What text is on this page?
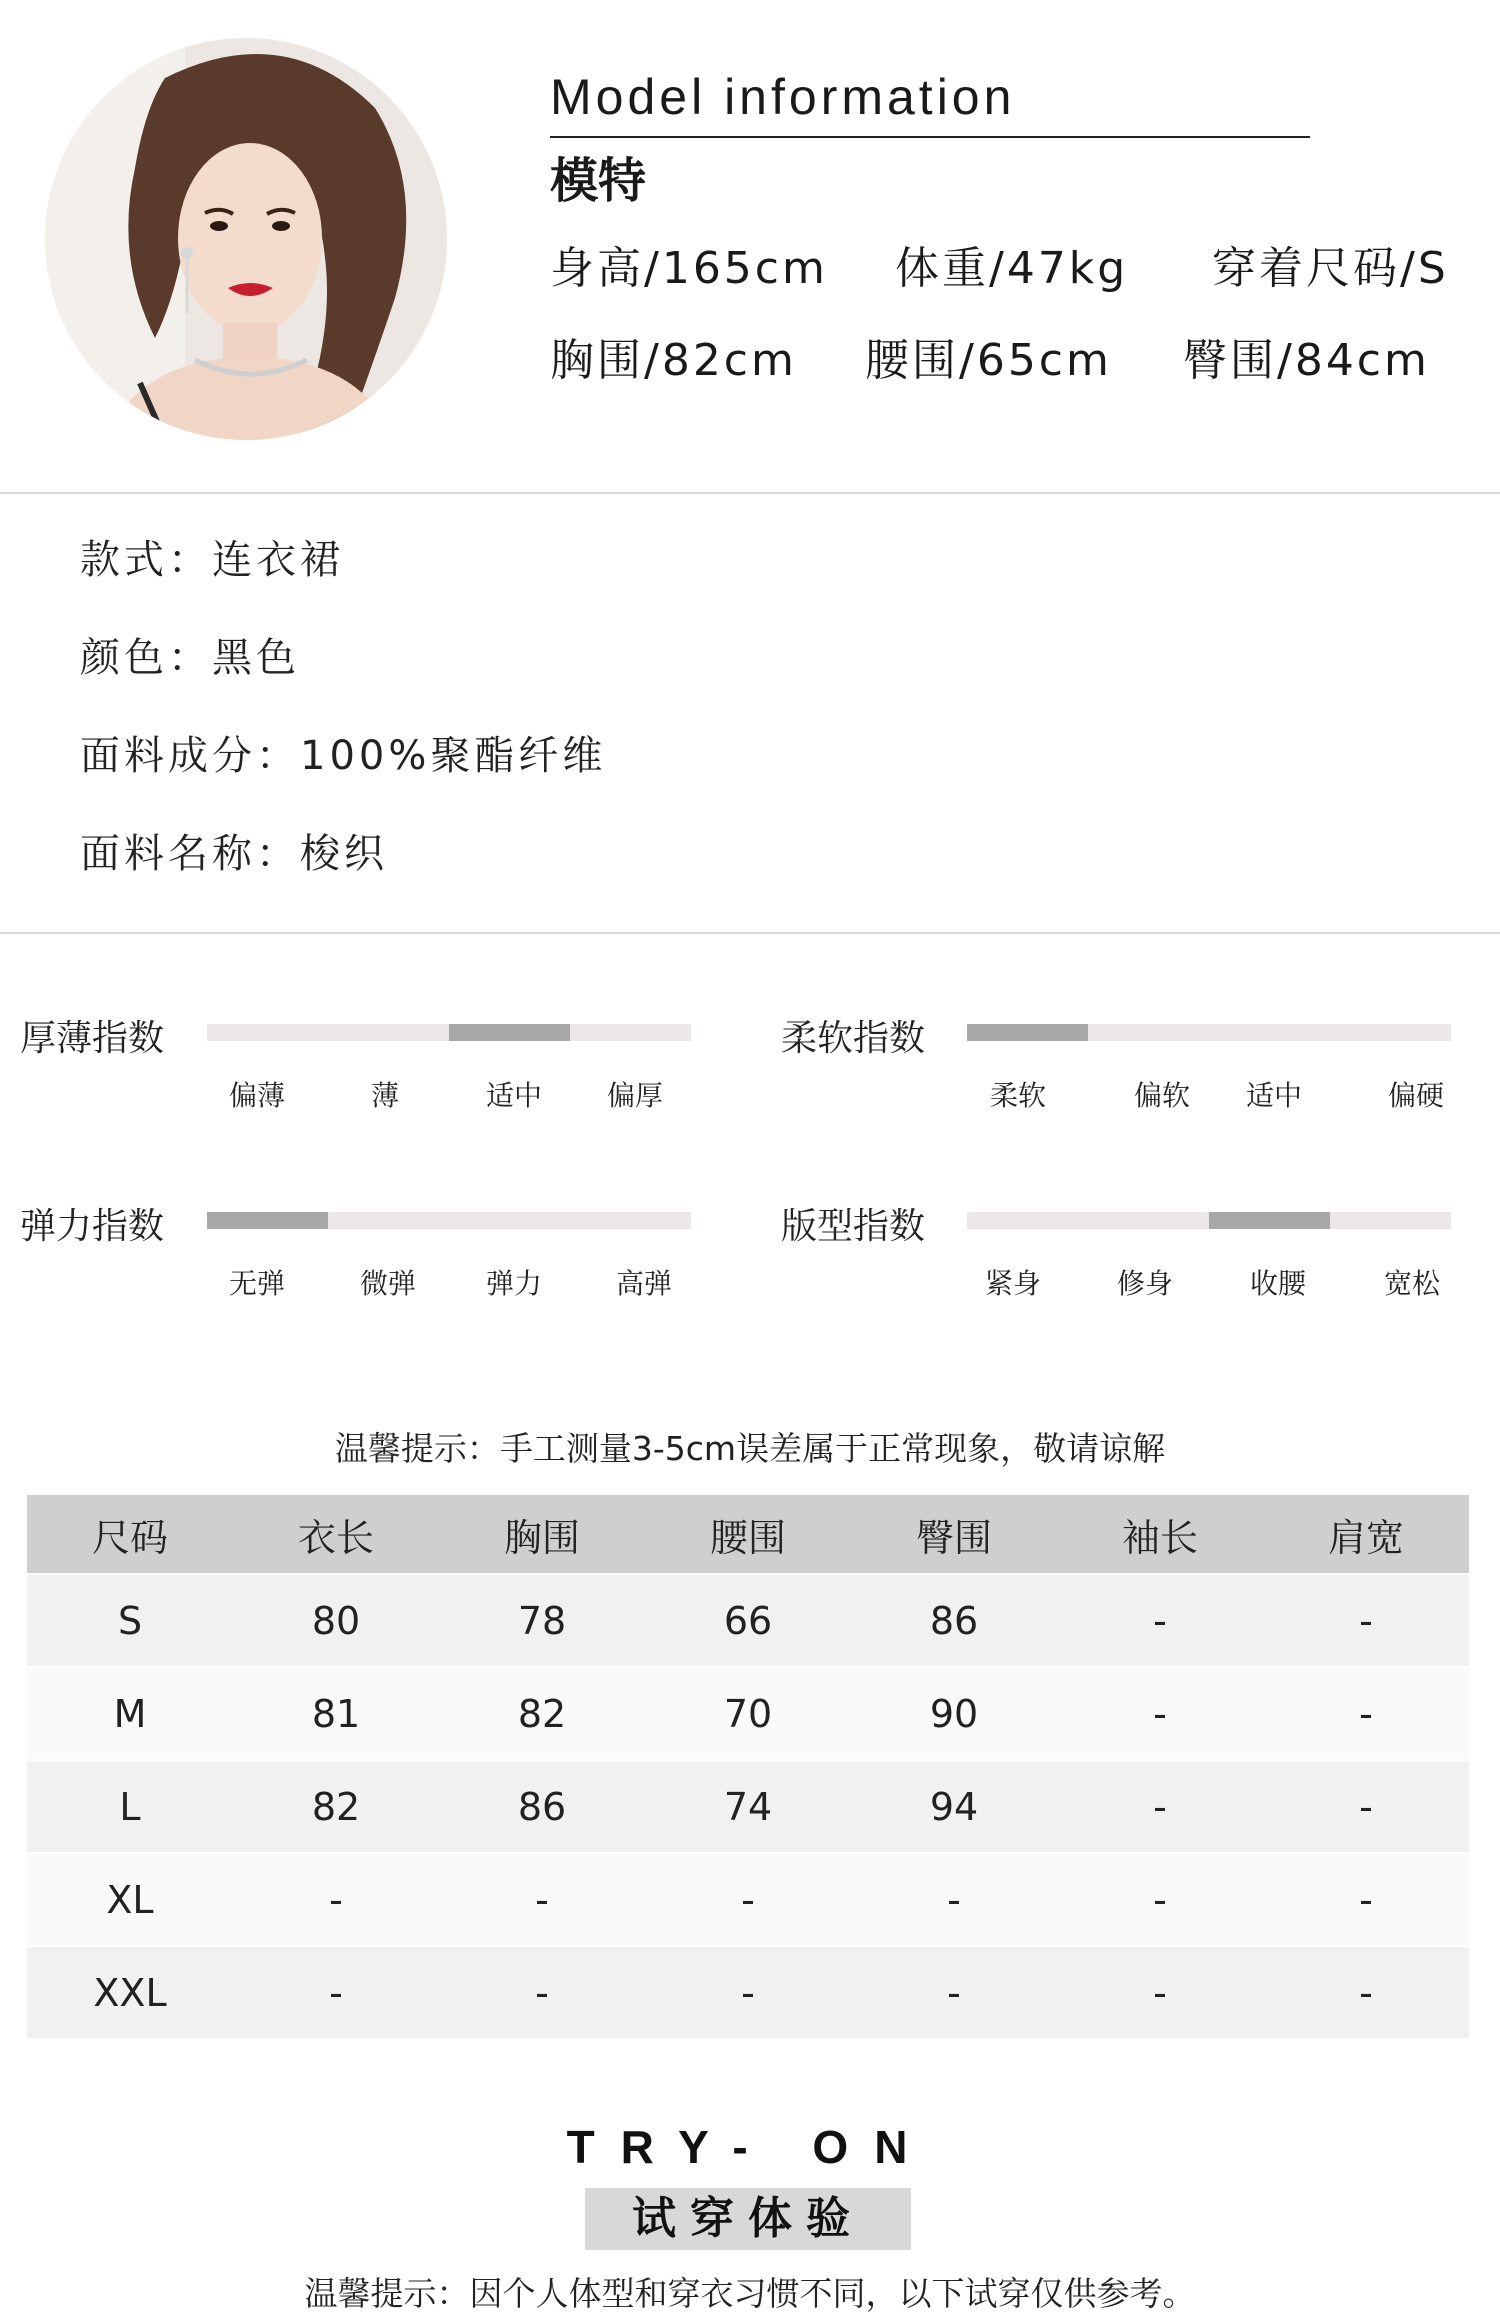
Model information
模特
身高/165cm 体重/47kg 穿着尺码/S
胸围/82cm 腰围/65cm 臀围/84cm
款式：连衣裙
颜色：黑色
面料成分：100%聚酯纤维
面料名称：梭织
厚薄指数
偏薄	薄	适中 偏厚
柔软指数
柔软	偏软 适中	偏硬
弹力指数
无弹	微弹 弹力	高弹
版型指数
紧身	修身	收腰	宽松
温馨提示：手工测量3-5cm误差属于正常现象，敬请谅解
尺码	衣长	胸围	腰围	臀围	袖长	肩宽
S	80	78	66	86	-	-
M	81	82	70	90	-	-
L	82	86	74	94	-	-
XL	-	-	-	-	-	-
XXL	-	-	-	-	-	-
TRY- ON
试穿体验
温馨提示：因个人体型和穿衣习惯不同，以下试穿仅供参考。
